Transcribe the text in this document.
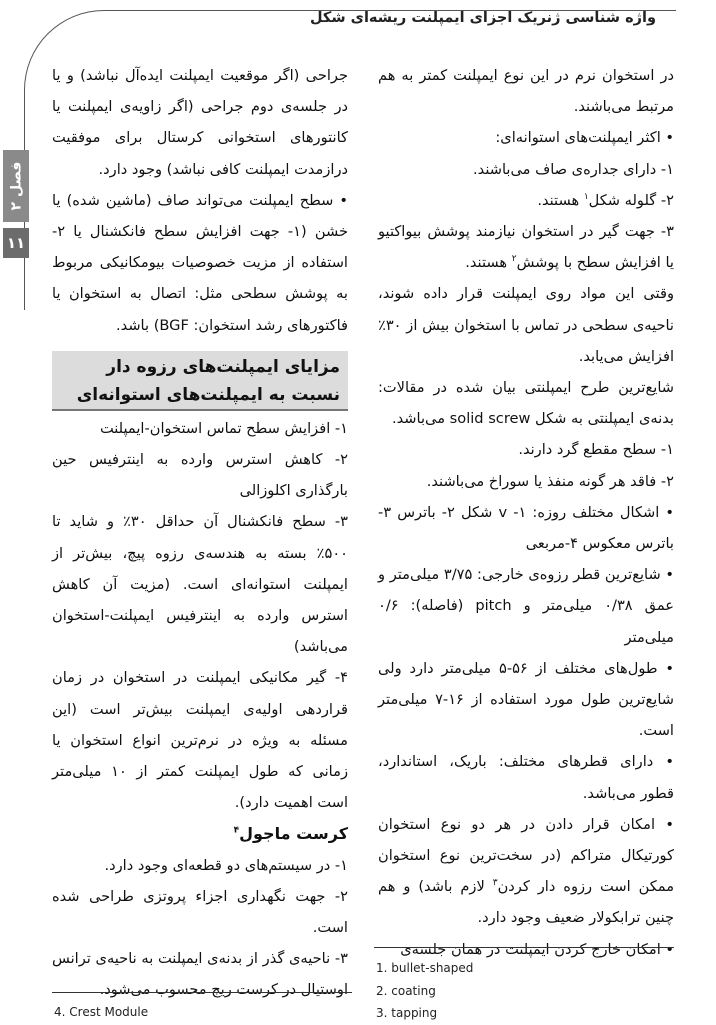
واژه شناسی ژنریک اجزای ایمپلنت ریشه‌ای شکل
فصل ۲
۱۱

در استخوان نرم در این نوع ایمپلنت کمتر به هم مرتبط می‌باشند.

• اکثر ایمپلنت‌های استوانه‌ای:

۱- دارای جداره‌ی صاف می‌باشند.

۲- گلوله شکل$^۱$ هستند.

۳- جهت گیر در استخوان نیازمند پوشش بیواکتیو یا افزایش سطح با پوشش$^۲$ هستند.

وقتی این مواد روی ایمپلنت قرار داده شوند، ناحیه‌ی سطحی در تماس با استخوان بیش از ۳۰٪ افزایش می‌یابد.

شایع‌ترین طرح ایمپلنتی بیان شده در مقالات: بدنه‌ی ایمپلنتی به شکل solid screw می‌باشد.

۱- سطح مقطع گرد دارند.

۲- فاقد هر گونه منفذ یا سوراخ می‌باشند.

• اشکال مختلف روزه: ۱- v شکل ۲- باترس ۳- باترس معکوس ۴-مربعی

• شایع‌ترین قطر رزوه‌ی خارجی: ۳/۷۵ میلی‌متر و عمق ۰/۳۸ میلی‌متر و pitch (فاصله): ۰/۶ میلی‌متر

• طول‌های مختلف از ۵۶-۵ میلی‌متر دارد ولی شایع‌ترین طول مورد استفاده از ۱۶-۷ میلی‌متر است.

• دارای قطرهای مختلف: باریک، استاندارد، قطور می‌باشد.

• امکان قرار دادن در هر دو نوع استخوان کورتیکال متراکم (در سخت‌ترین نوع استخوان ممکن است رزوه دار کردن$^۳$ لازم باشد) و هم چنین ترابکولار ضعیف وجود دارد.

• امکان خارج کردن ایمپلنت در همان جلسه‌ی

جراحی (اگر موقعیت ایمپلنت ایده‌آل نباشد) و یا در جلسه‌ی دوم جراحی (اگر زاویه‌ی ایمپلنت یا کانتورهای استخوانی کرستال برای موفقیت درازمدت ایمپلنت کافی نباشد) وجود دارد.

• سطح ایمپلنت می‌تواند صاف (ماشین شده) یا خشن (۱- جهت افزایش سطح فانکشنال یا ۲- استفاده از مزیت خصوصیات بیومکانیکی مربوط به پوشش سطحی مثل: اتصال به استخوان یا فاکتورهای رشد استخوان: BGF) باشد.

مزایای ایمپلنت‌های رزوه دار نسبت به ایمپلنت‌های استوانه‌ای

۱- افزایش سطح تماس استخوان-ایمپلنت

۲- کاهش استرس وارده به اینترفیس حین بارگذاری اکلوزالی

۳- سطح فانکشنال آن حداقل ۳۰٪ و شاید تا ۵۰۰٪ بسته به هندسه‌ی رزوه پیچ، بیش‌تر از ایمپلنت استوانه‌ای است. (مزیت آن کاهش استرس وارده به اینترفیس ایمپلنت-استخوان می‌باشد)

۴- گیر مکانیکی ایمپلنت در استخوان در زمان قراردهی اولیه‌ی ایمپلنت بیش‌تر است (این مسئله به ویژه در نرم‌ترین انواع استخوان یا زمانی که طول ایمپلنت کمتر از ۱۰ میلی‌متر است اهمیت دارد).

کرست ماجول$^۴$

۱- در سیستم‌های دو قطعه‌ای وجود دارد.

۲- جهت نگهداری اجزاء پروتزی طراحی شده است.

۳- ناحیه‌ی گذر از بدنه‌ی ایمپلنت به ناحیه‌ی ترانس اوستیال در کرست ریج محسوب می‌شود.

1. bullet-shaped
2. coating
3. tapping
4. Crest Module
